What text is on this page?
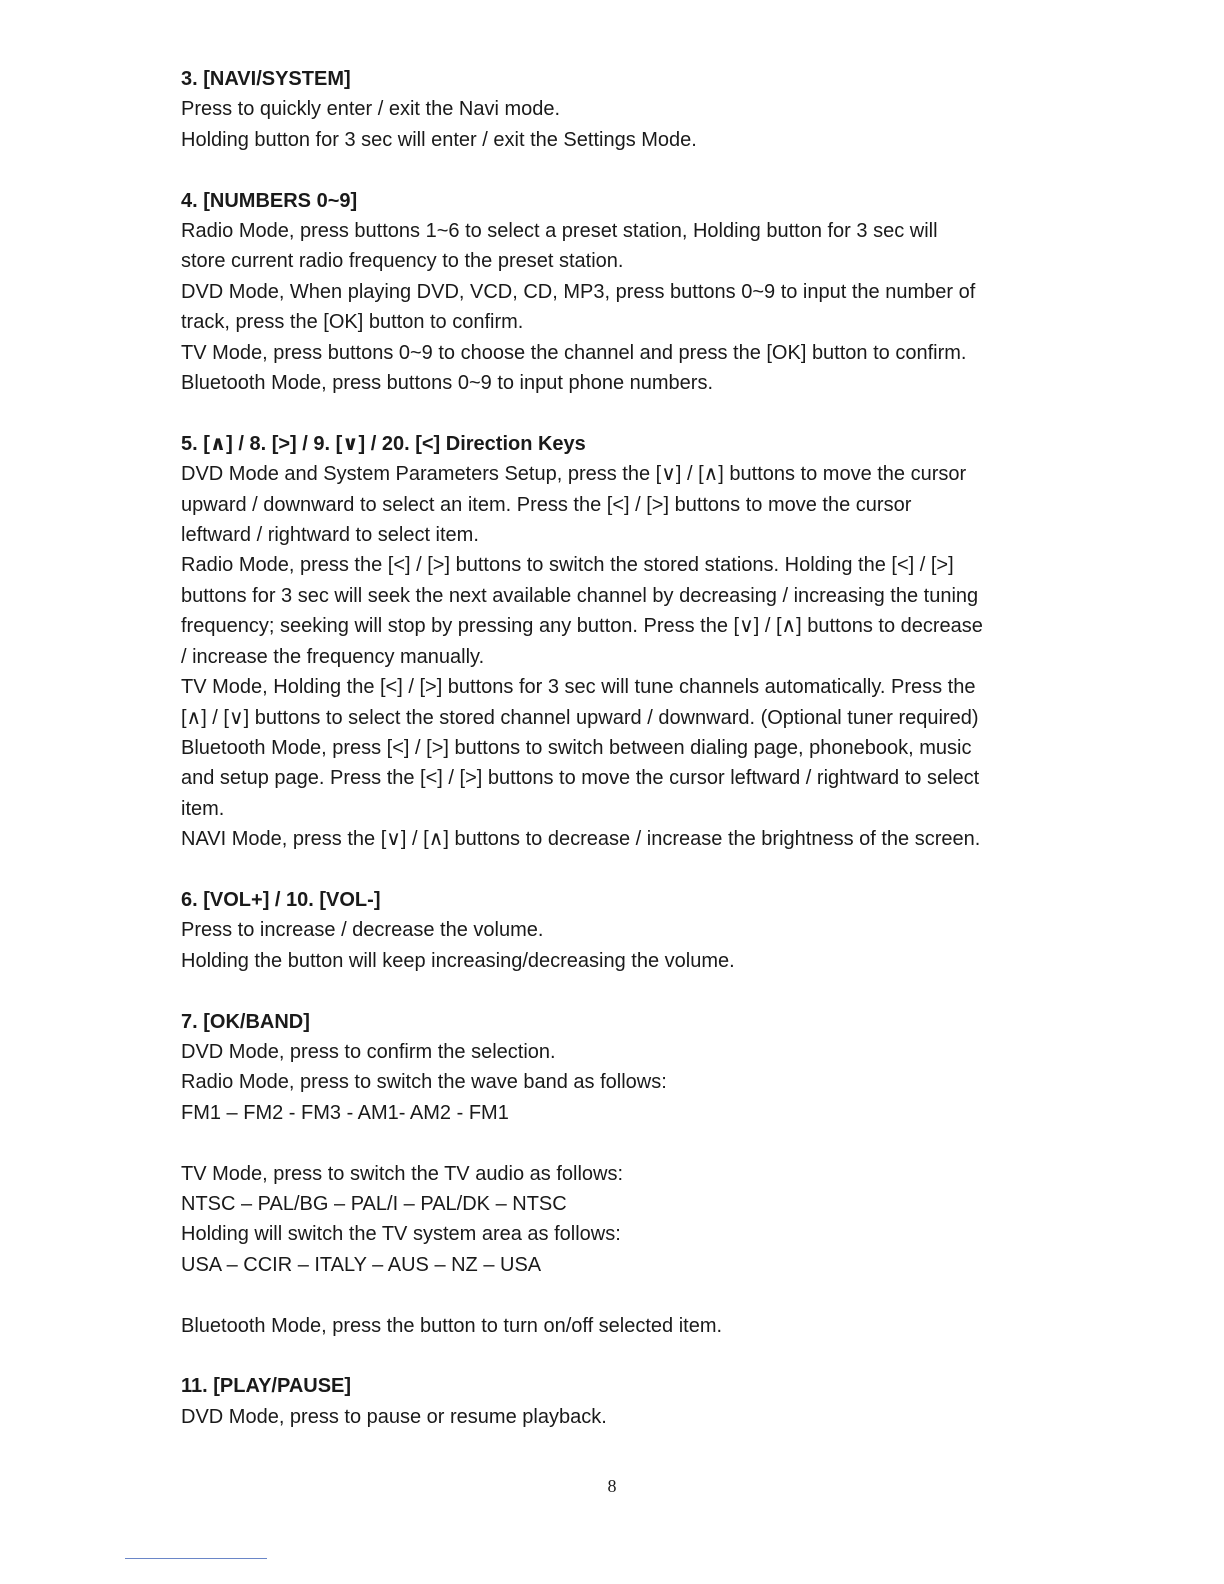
3. [NAVI/SYSTEM]
Press to quickly enter / exit the Navi mode.
Holding button for 3 sec will enter / exit the Settings Mode.
4. [NUMBERS 0~9]
Radio Mode, press buttons 1~6 to select a preset station, Holding button for 3 sec will
store current radio frequency to the preset station.
DVD Mode, When playing DVD, VCD, CD, MP3, press buttons 0~9 to input the number of
track, press the [OK] button to confirm.
TV Mode, press buttons 0~9 to choose the channel and press the [OK] button to confirm.
Bluetooth Mode, press buttons 0~9 to input phone numbers.
5. [∧] / 8. [>] / 9. [∨] / 20. [<] Direction Keys
DVD Mode and System Parameters Setup, press the [∨] / [∧] buttons to move the cursor
upward / downward to select an item. Press the [<] / [>] buttons to move the cursor
leftward / rightward to select item.
Radio Mode, press the [<] / [>] buttons to switch the stored stations. Holding the [<] / [>]
buttons for 3 sec will seek the next available channel by decreasing / increasing the tuning
frequency; seeking will stop by pressing any button. Press the [∨] / [∧] buttons to decrease
/ increase the frequency manually.
TV Mode, Holding the [<] / [>] buttons for 3 sec will tune channels automatically. Press the
[∧] / [∨] buttons to select the stored channel upward / downward. (Optional tuner required)
Bluetooth Mode, press [<] / [>] buttons to switch between dialing page, phonebook, music
and setup page. Press the [<] / [>] buttons to move the cursor leftward / rightward to select
item.
NAVI Mode, press the [∨] / [∧] buttons to decrease / increase the brightness of the screen.
6. [VOL+] / 10. [VOL-]
Press to increase / decrease the volume.
Holding the button will keep increasing/decreasing the volume.
7. [OK/BAND]
DVD Mode, press to confirm the selection.
Radio Mode, press to switch the wave band as follows:
FM1 – FM2 - FM3 - AM1- AM2 - FM1
TV Mode, press to switch the TV audio as follows:
NTSC – PAL/BG – PAL/I – PAL/DK – NTSC
Holding will switch the TV system area as follows:
USA – CCIR – ITALY – AUS – NZ – USA
Bluetooth Mode, press the button to turn on/off selected item.
11. [PLAY/PAUSE]
DVD Mode, press to pause or resume playback.
8
